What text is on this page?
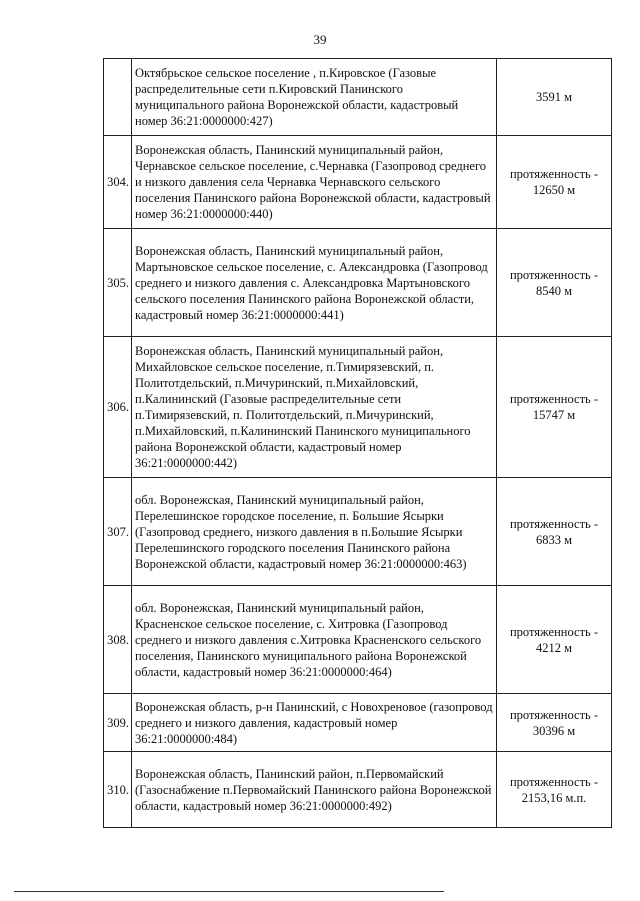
39
	Октябрьское сельское поселение , п.Кировское (Газовые распределительные сети п.Кировский Панинского муниципального района Воронежской области, кадастровый номер 36:21:0000000:427)	3591 м
304.	Воронежская область, Панинский муниципальный район, Чернавское сельское поселение, с.Чернавка (Газопровод среднего и низкого давления села Чернавка Чернавского сельского поселения Панинского района Воронежской области, кадастровый номер 36:21:0000000:440)	протяженность - 12650 м
305.	Воронежская область, Панинский муниципальный район, Мартыновское сельское поселение, с. Александровка (Газопровод среднего и низкого давления с. Александровка Мартыновского сельского поселения Панинского района Воронежской области, кадастровый номер 36:21:0000000:441)	протяженность - 8540 м
306.	Воронежская область, Панинский муниципальный район, Михайловское сельское поселение, п.Тимирязевский, п. Политотдельский, п.Мичуринский, п.Михайловский, п.Калининский (Газовые распределительные сети п.Тимирязевский, п. Политотдельский, п.Мичуринский, п.Михайловский, п.Калининский Панинского муниципального района Воронежской области, кадастровый номер 36:21:0000000:442)	протяженность - 15747 м
307.	обл. Воронежская, Панинский муниципальный район, Перелешинское городское поселение, п. Большие Ясырки (Газопровод среднего, низкого давления в п.Большие Ясырки Перелешинского городского поселения Панинского района Воронежской области, кадастровый номер 36:21:0000000:463)	протяженность - 6833 м
308.	обл. Воронежская, Панинский муниципальный район, Красненское сельское поселение, с. Хитровка (Газопровод среднего и низкого давления с.Хитровка Красненского сельского поселения, Панинского муниципального района Воронежской области, кадастровый номер 36:21:0000000:464)	протяженность - 4212 м
309.	Воронежская область, р-н Панинский, с Новохреновое (газопровод среднего и низкого давления, кадастровый номер 36:21:0000000:484)	протяженность - 30396 м
310.	Воронежская область, Панинский район, п.Первомайский (Газоснабжение п.Первомайский Панинского района Воронежской области, кадастровый номер 36:21:0000000:492)	протяженность - 2153,16 м.п.
